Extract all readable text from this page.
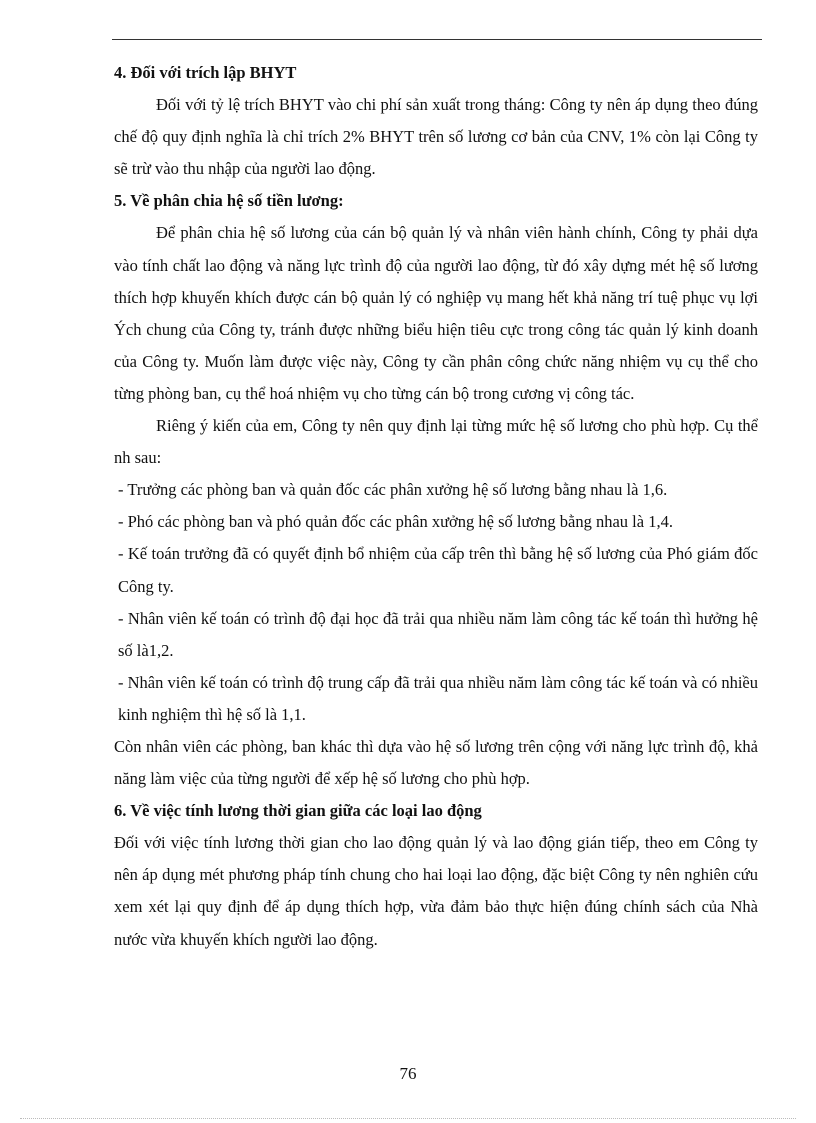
4. Đối với trích lập BHYT

Đối với tỷ lệ trích BHYT vào chi phí sản xuất trong tháng: Công ty nên áp dụng theo đúng chế độ quy định nghĩa là chỉ trích 2% BHYT trên số lương cơ bản của CNV, 1% còn lại Công ty sẽ trừ vào thu nhập của người lao động.

5. Về phân chia hệ số tiền lương:

Để phân chia hệ số lương của cán bộ quản lý và nhân viên hành chính, Công ty phải dựa vào tính chất lao động và năng lực trình độ của người lao động, từ đó xây dựng mét hệ số lương thích hợp khuyến khích được cán bộ quản lý có nghiệp vụ mang hết khả năng trí tuệ phục vụ lợi Ých chung của Công ty, tránh được những biểu hiện tiêu cực trong công tác quản lý kinh doanh của Công ty. Muốn làm được việc này, Công ty cần phân công chức năng nhiệm vụ cụ thể cho từng phòng ban, cụ thể hoá nhiệm vụ cho từng cán bộ trong cương vị công tác.

Riêng ý kiến của em, Công ty nên quy định lại từng mức hệ số lương cho phù hợp. Cụ thể nh sau:

- Trưởng các phòng ban và quản đốc các phân xưởng hệ số lương bằng nhau là 1,6.

- Phó các phòng ban và phó quản đốc các phân xưởng hệ số lương bằng nhau là 1,4.

- Kế toán trưởng đã có quyết định bổ nhiệm của cấp trên thì bằng hệ số lương của Phó giám đốc Công ty.

- Nhân viên kế toán có trình độ đại học đã trải qua nhiều năm làm công tác kế toán thì hưởng hệ số là1,2.

- Nhân viên kế toán có trình độ trung cấp đã trải qua nhiều năm làm công tác kế toán và có nhiều kinh nghiệm thì hệ số là 1,1.

Còn nhân viên các phòng, ban khác thì dựa vào hệ số lương trên cộng với năng lực trình độ, khả năng làm việc của từng người để xếp hệ số lương cho phù hợp.

6. Về việc tính lương thời gian giữa các loại lao động

Đối với việc tính lương thời gian cho lao động quản lý và lao động gián tiếp, theo em Công ty nên áp dụng mét phương pháp tính chung cho hai loại lao động, đặc biệt Công ty nên nghiên cứu xem xét lại quy định để áp dụng thích hợp, vừa đảm bảo thực hiện đúng chính sách của Nhà nước vừa khuyến khích người lao động.

76
